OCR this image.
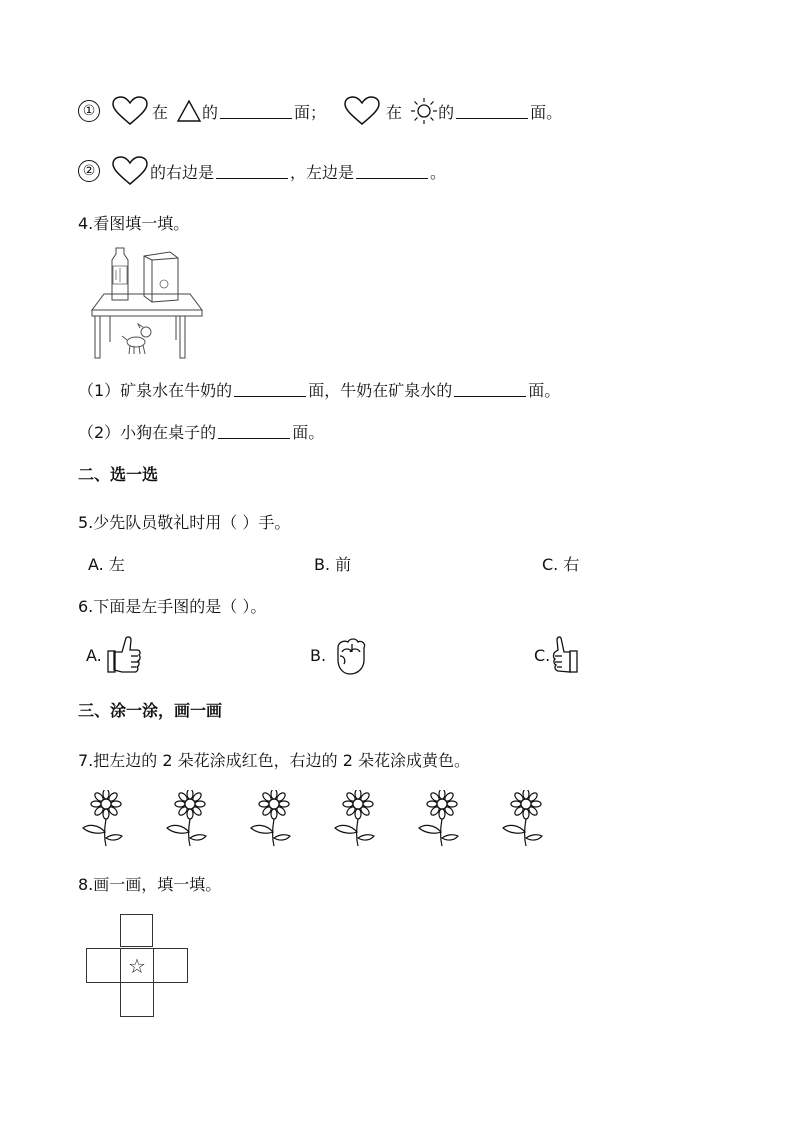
①	在 的	面；	在 的	面。
②	的右边是	，左边是	。
4.看图填一填。
（1）矿泉水在牛奶的	面，牛奶在矿泉水的	面。
（2）小狗在桌子的	面。
二、选一选
5.少先队员敬礼时用（ ）手。
A. 左	B. 前	C. 右
6.下面是左手图的是（ ）。
A.	B.	C.
三、涂一涂，画一画
7.把左边的 2 朵花涂成红色，右边的 2 朵花涂成黄色。
8.画一画，填一填。
☆
